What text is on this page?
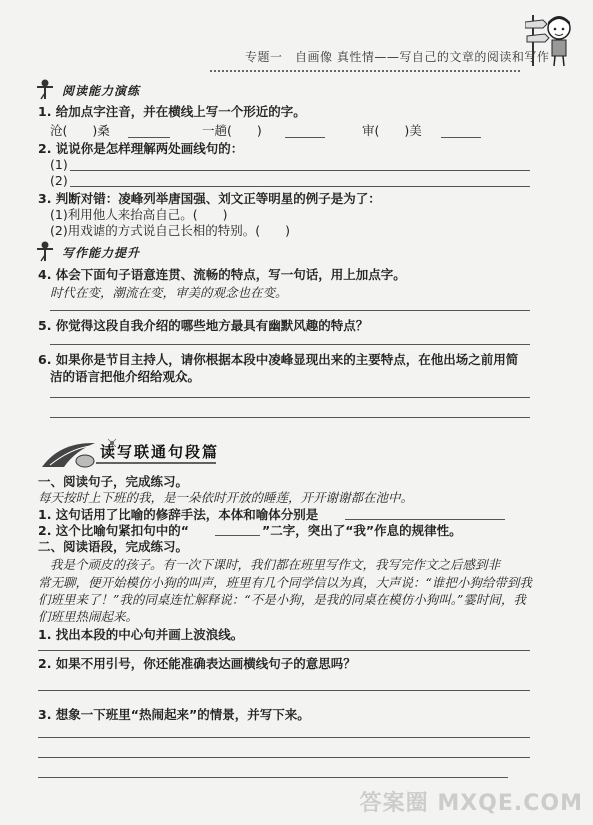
专题一　自画像 真性情——写自己的文章的阅读和写作
阅读能力演练
1. 给加点字注音，并在横线上写一个形近的字。
沧(　　)桑	一趟(　　)	审(　　)美
2. 说说你是怎样理解两处画线句的：
(1)
(2)
3. 判断对错：凌峰列举唐国强、刘文正等明星的例子是为了：
(1)利用他人来抬高自己。(　　)
(2)用戏谑的方式说自己长相的特别。(　　)
写作能力提升
4. 体会下面句子语意连贯、流畅的特点，写一句话，用上加点字。
时代在变，潮流在变，审美的观念也在变。
5. 你觉得这段自我介绍的哪些地方最具有幽默风趣的特点？
6. 如果你是节目主持人，请你根据本段中凌峰显现出来的主要特点，在他出场之前用简
洁的语言把他介绍给观众。
读写联通句段篇
一、阅读句子，完成练习。
每天按时上下班的我，是一朵依时开放的睡莲，开开谢谢都在池中。
1. 这句话用了比喻的修辞手法，本体和喻体分别是
2. 这个比喻句紧扣句中的“	”二字，突出了“我”作息的规律性。
二、阅读语段，完成练习。
我是个顽皮的孩子。有一次下课时，我们都在班里写作文，我写完作文之后感到非
常无聊，便开始模仿小狗的叫声，班里有几个同学信以为真，大声说：“谁把小狗给带到我
们班里来了！”我的同桌连忙解释说：“不是小狗，是我的同桌在模仿小狗叫。”霎时间，我
们班里热闹起来。
1. 找出本段的中心句并画上波浪线。
2. 如果不用引号，你还能准确表达画横线句子的意思吗？
3. 想象一下班里“热闹起来”的情景，并写下来。
答案圈 MXQE.COM
